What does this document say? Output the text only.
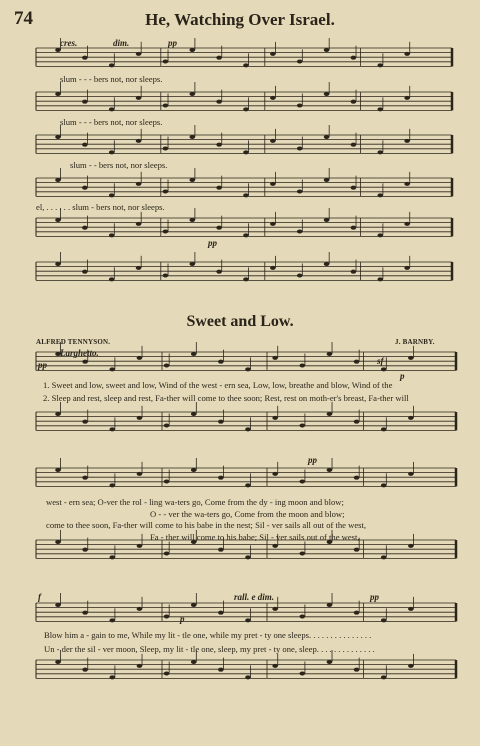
74	He, Watching Over Israel.
cres.	dim.	pp
pp
slum - - - bers not, nor sleeps.
slum - - - bers not, nor sleeps.
slum - - bers not, nor sleeps.
el, . . . . . . slum - bers not, nor sleeps.
Sweet and Low.
ALFRED TENNYSON.	J. BARNBY.
Larghetto.
pp	sf
p
1. Sweet and low, sweet and low, Wind of the west - ern sea, Low, low, breathe and blow, Wind of the
2. Sleep and rest, sleep and rest, Fa-ther will come to thee soon; Rest, rest on moth-er's breast, Fa-ther will
pp
west - ern sea; O-ver the rol - ling wa-ters go, Come from the dy - ing moon and blow;
O - - ver the wa-ters go, Come from the moon and blow;
come to thee soon, Fa-ther will come to his babe in the nest; Sil - ver sails all out of the west,
Fa - ther will come to his babe; Sil - ver sails out of the west,
f
p
rall. e dim.	pp
Blow him a - gain to me, While my lit - tle one, while my pret - ty one sleeps. . . . . . . . . . . . . . .
Un - der the sil - ver moon, Sleep, my lit - tle one, sleep, my pret - ty one, sleep. . . . . . . . . . . . . .
